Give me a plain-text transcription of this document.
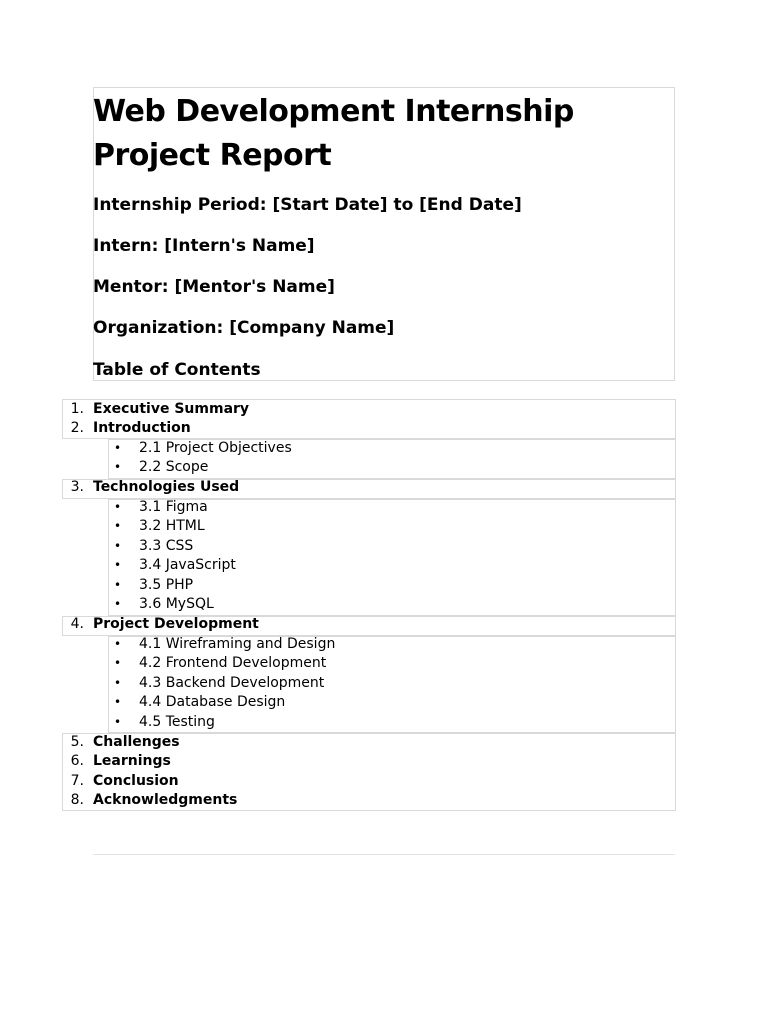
Web Development Internship Project Report

Internship Period: [Start Date] to [End Date]

Intern: [Intern's Name]

Mentor: [Mentor's Name]

Organization: [Company Name]

Table of Contents

1. Executive Summary
2. Introduction
• 2.1 Project Objectives
• 2.2 Scope
3. Technologies Used
• 3.1 Figma
• 3.2 HTML
• 3.3 CSS
• 3.4 JavaScript
• 3.5 PHP
• 3.6 MySQL
4. Project Development
• 4.1 Wireframing and Design
• 4.2 Frontend Development
• 4.3 Backend Development
• 4.4 Database Design
• 4.5 Testing
5. Challenges
6. Learnings
7. Conclusion
8. Acknowledgments
